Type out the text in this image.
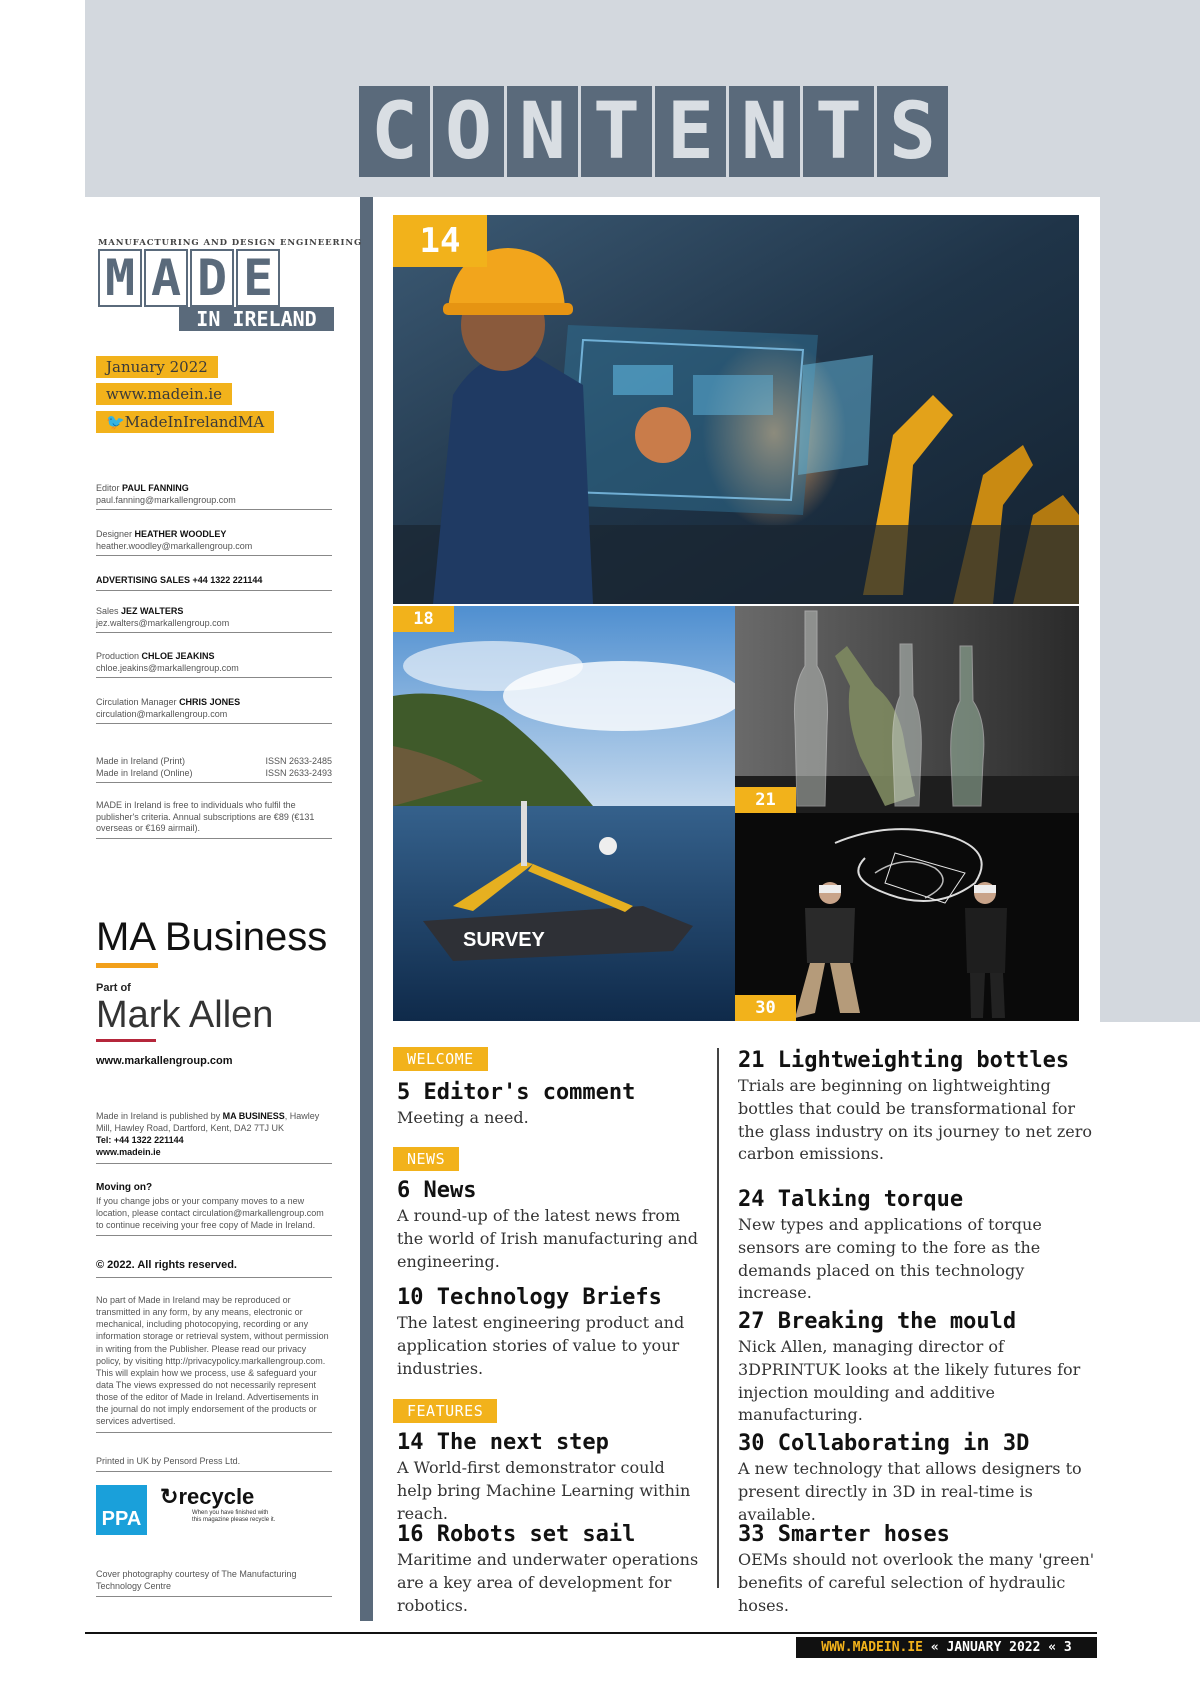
C O N T E N T S
MANUFACTURING AND DESIGN ENGINEERING
M A D E
IN IRELAND
January 2022
www.madein.ie
🐦MadeInIrelandMA
Editor PAUL FANNING
paul.fanning@markallengroup.com
Designer HEATHER WOODLEY
heather.woodley@markallengroup.com
ADVERTISING SALES +44 1322 221144
Sales JEZ WALTERS
jez.walters@markallengroup.com
Production CHLOE JEAKINS
chloe.jeakins@markallengroup.com
Circulation Manager CHRIS JONES
circulation@markallengroup.com
Made in Ireland (Print)	ISSN 2633-2485
Made in Ireland (Online)	ISSN 2633-2493
MADE in Ireland is free to individuals who fulfil the publisher's criteria. Annual subscriptions are €89 (€131 overseas or €169 airmail).
MA Business
Part of
Mark Allen
www.markallengroup.com
Made in Ireland is published by MA BUSINESS, Hawley Mill, Hawley Road, Dartford, Kent, DA2 7TJ UK
Tel: +44 1322 221144
www.madein.ie
Moving on?
If you change jobs or your company moves to a new location, please contact circulation@markallengroup.com to continue receiving your free copy of Made in Ireland.
© 2022. All rights reserved.
No part of Made in Ireland may be reproduced or transmitted in any form, by any means, electronic or mechanical, including photocopying, recording or any information storage or retrieval system, without permission in writing from the Publisher. Please read our privacy policy, by visiting http://privacypolicy.markallengroup.com. This will explain how we process, use & safeguard your data The views expressed do not necessarily represent those of the editor of Made in Ireland. Advertisements in the journal do not imply endorsement of the products or services advertised.
Printed in UK by Pensord Press Ltd.
PPA
↻recycle
When you have finished with
this magazine please recycle it.
Cover photography courtesy of The Manufacturing Technology Centre
14
SURVEY
18
21
30
WELCOME
NEWS
FEATURES
5 Editor's comment
Meeting a need.
6 News
A round-up of the latest news from the world of Irish manufacturing and engineering.
10 Technology Briefs
The latest engineering product and application stories of value to your industries.
14 The next step
A World-first demonstrator could help bring Machine Learning within reach.
16 Robots set sail
Maritime and underwater operations are a key area of development for robotics.
21 Lightweighting bottles
Trials are beginning on lightweighting bottles that could be transformational for the glass industry on its journey to net zero carbon emissions.
24 Talking torque
New types and applications of torque sensors are coming to the fore as the demands placed on this technology increase.
27 Breaking the mould
Nick Allen, managing director of 3DPRINTUK looks at the likely futures for injection moulding and additive manufacturing.
30 Collaborating in 3D
A new technology that allows designers to present directly in 3D in real-time is available.
33 Smarter hoses
OEMs should not overlook the many 'green' benefits of careful selection of hydraulic hoses.
WWW.MADEIN.IE « JANUARY 2022 « 3
